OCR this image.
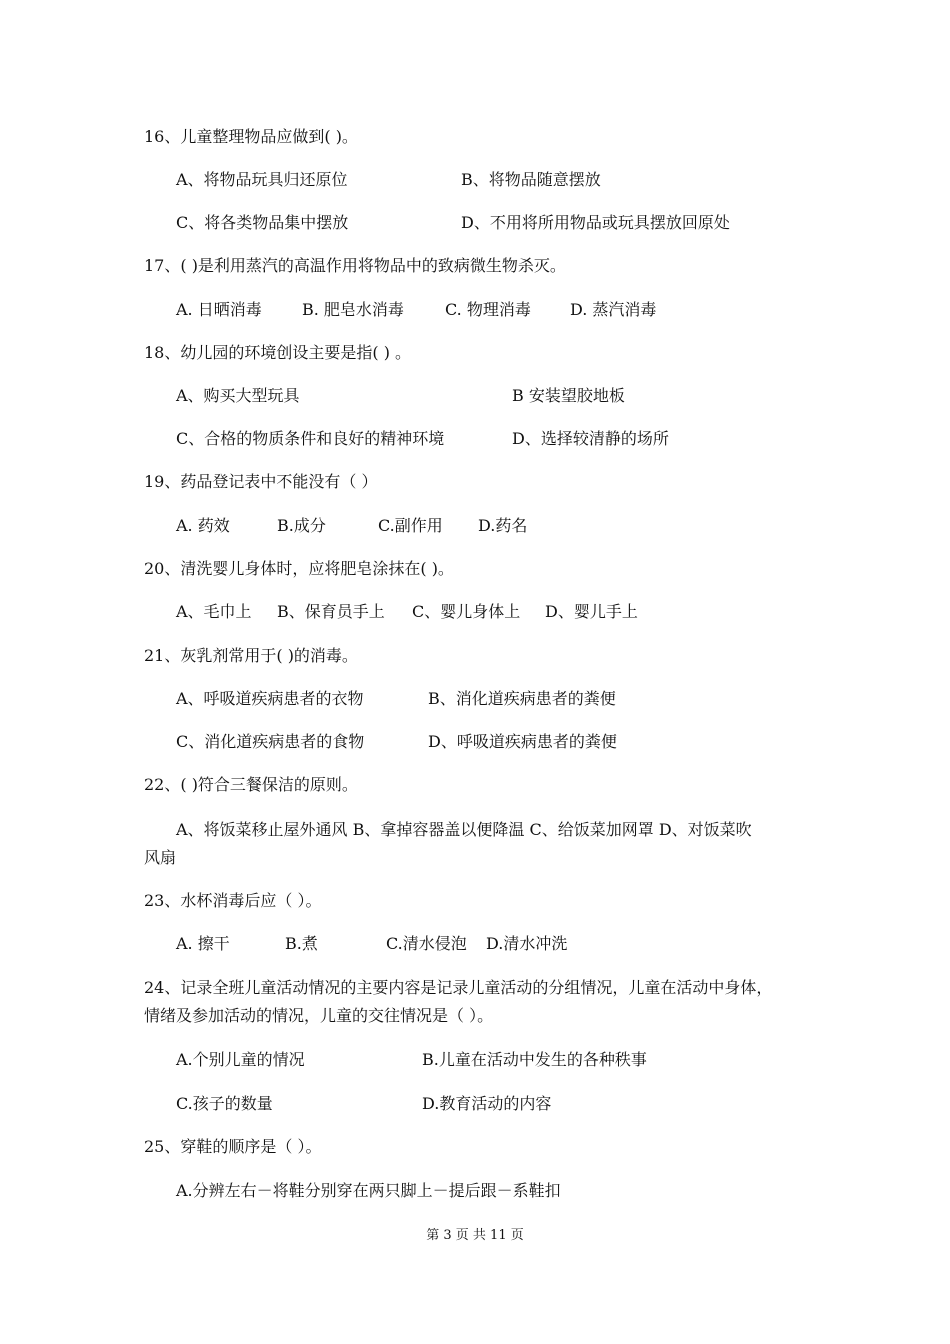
16、儿童整理物品应做到( )。
A、将物品玩具归还原位	B、将物品随意摆放
C、将各类物品集中摆放	D、不用将所用物品或玩具摆放回原处
17、( )是利用蒸汽的高温作用将物品中的致病微生物杀灭。
A. 日晒消毒	B. 肥皂水消毒	C. 物理消毒 D. 蒸汽消毒
18、幼儿园的环境创设主要是指( ) 。
A、购买大型玩具	B 安装望胶地板
C、合格的物质条件和良好的精神环境	D、选择较清静的场所
19、药品登记表中不能没有（ ）
A. 药效	B.成分	C.副作用 D.药名
20、清洗婴儿身体时，应将肥皂涂抹在( )。
A、毛巾上 B、保育员手上 C、婴儿身体上 D、婴儿手上
21、灰乳剂常用于( )的消毒。
A、呼吸道疾病患者的衣物	B、消化道疾病患者的粪便
C、消化道疾病患者的食物	D、呼吸道疾病患者的粪便
22、( )符合三餐保洁的原则。
A、将饭菜移止屋外通风 B、拿掉容器盖以便降温 C、给饭菜加网罩 D、对饭菜吹
风扇
23、水杯消毒后应（ ）。
A. 擦干	B.煮	C.清水侵泡 D.清水冲洗
24、记录全班儿童活动情况的主要内容是记录儿童活动的分组情况，儿童在活动中身体，
情绪及参加活动的情况，儿童的交往情况是（ ）。
A.个别儿童的情况	B.儿童在活动中发生的各种秩事
C.孩子的数量	D.教育活动的内容
25、穿鞋的顺序是（ ）。
A.分辨左右－将鞋分别穿在两只脚上－提后跟－系鞋扣
第 3 页 共 11 页
